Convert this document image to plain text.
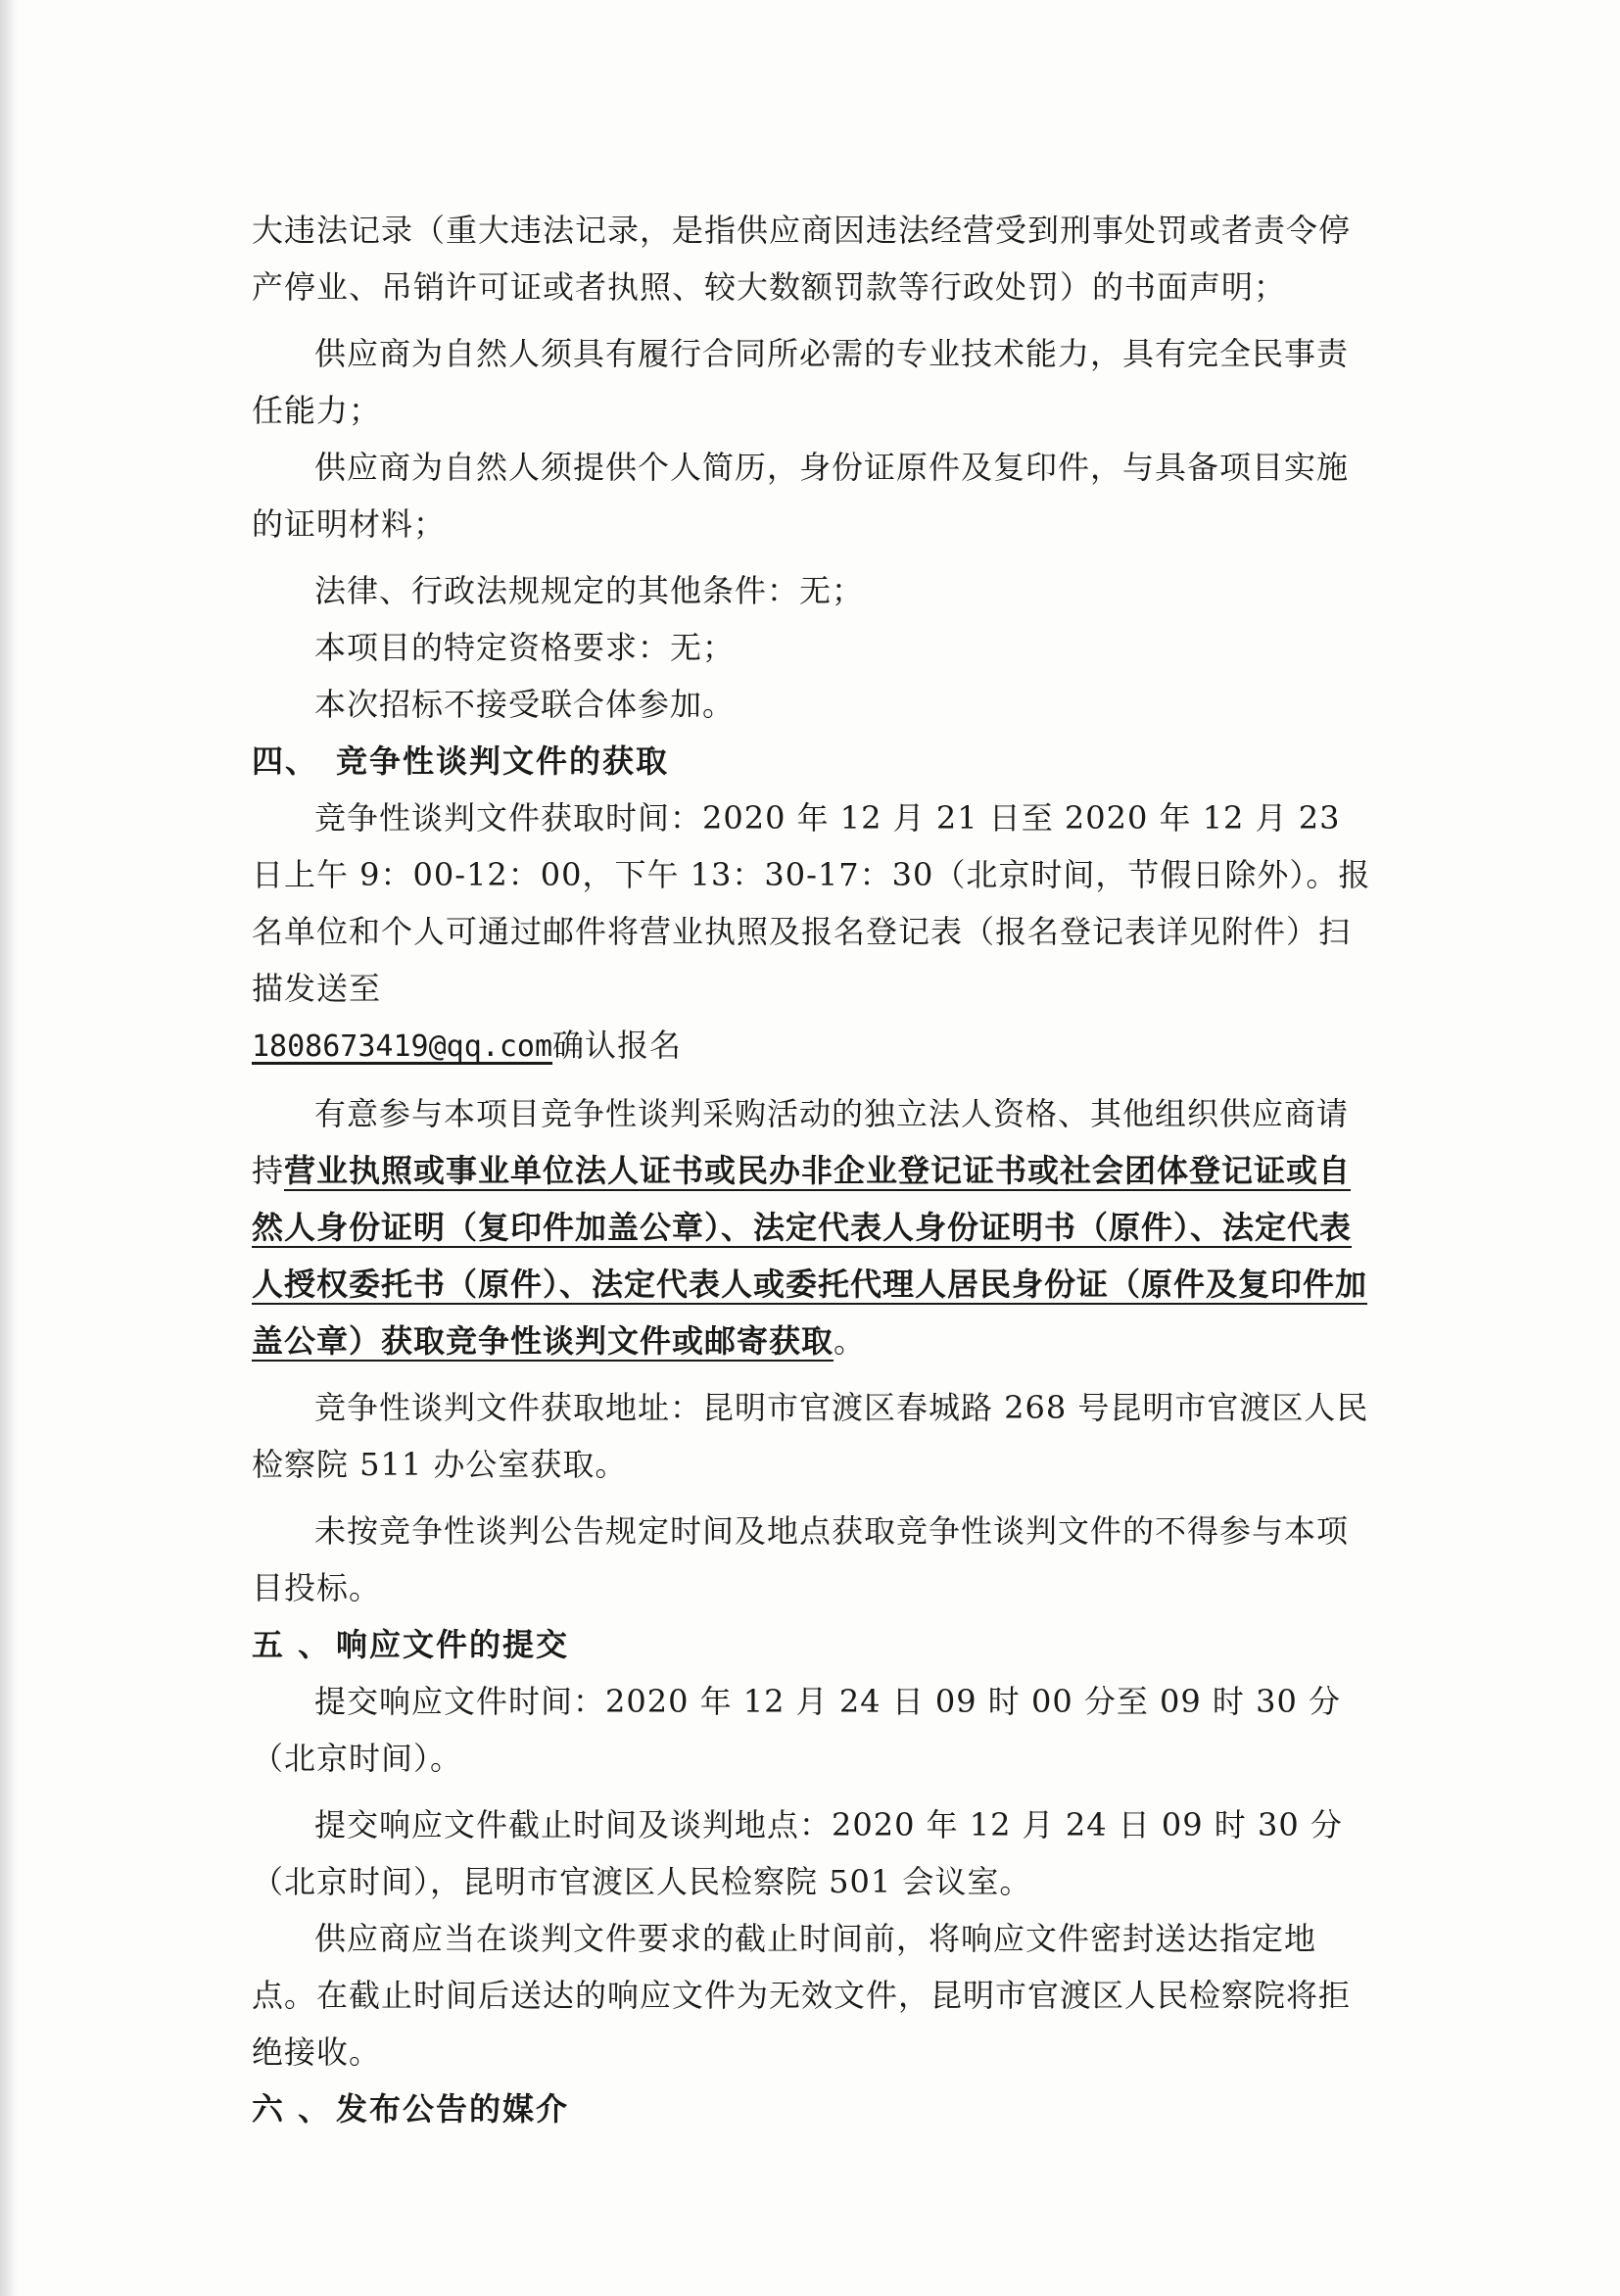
大违法记录（重大违法记录，是指供应商因违法经营受到刑事处罚或者责令停产停业、吊销许可证或者执照、较大数额罚款等行政处罚）的书面声明；

供应商为自然人须具有履行合同所必需的专业技术能力，具有完全民事责任能力；

供应商为自然人须提供个人简历，身份证原件及复印件，与具备项目实施的证明材料；

法律、行政法规规定的其他条件：无；

本项目的特定资格要求：无；

本次招标不接受联合体参加。

四、 竞争性谈判文件的获取

竞争性谈判文件获取时间：2020 年 12 月 21 日至 2020 年 12 月 23 日上午 9：00-12：00，下午 13：30-17：30（北京时间，节假日除外）。报名单位和个人可通过邮件将营业执照及报名登记表（报名登记表详见附件）扫描发送至
1808673419@qq.com确认报名

有意参与本项目竞争性谈判采购活动的独立法人资格、其他组织供应商请持营业执照或事业单位法人证书或民办非企业登记证书或社会团体登记证或自然人身份证明（复印件加盖公章）、法定代表人身份证明书（原件）、法定代表人授权委托书（原件）、法定代表人或委托代理人居民身份证（原件及复印件加盖公章）获取竞争性谈判文件或邮寄获取。

竞争性谈判文件获取地址：昆明市官渡区春城路 268 号昆明市官渡区人民检察院 511 办公室获取。

未按竞争性谈判公告规定时间及地点获取竞争性谈判文件的不得参与本项目投标。

五 、 响应文件的提交

提交响应文件时间：2020 年 12 月 24 日 09 时 00 分至 09 时 30 分（北京时间）。

提交响应文件截止时间及谈判地点：2020 年 12 月 24 日 09 时 30 分（北京时间），昆明市官渡区人民检察院 501 会议室。

供应商应当在谈判文件要求的截止时间前，将响应文件密封送达指定地点。在截止时间后送达的响应文件为无效文件，昆明市官渡区人民检察院将拒绝接收。

六 、 发布公告的媒介
